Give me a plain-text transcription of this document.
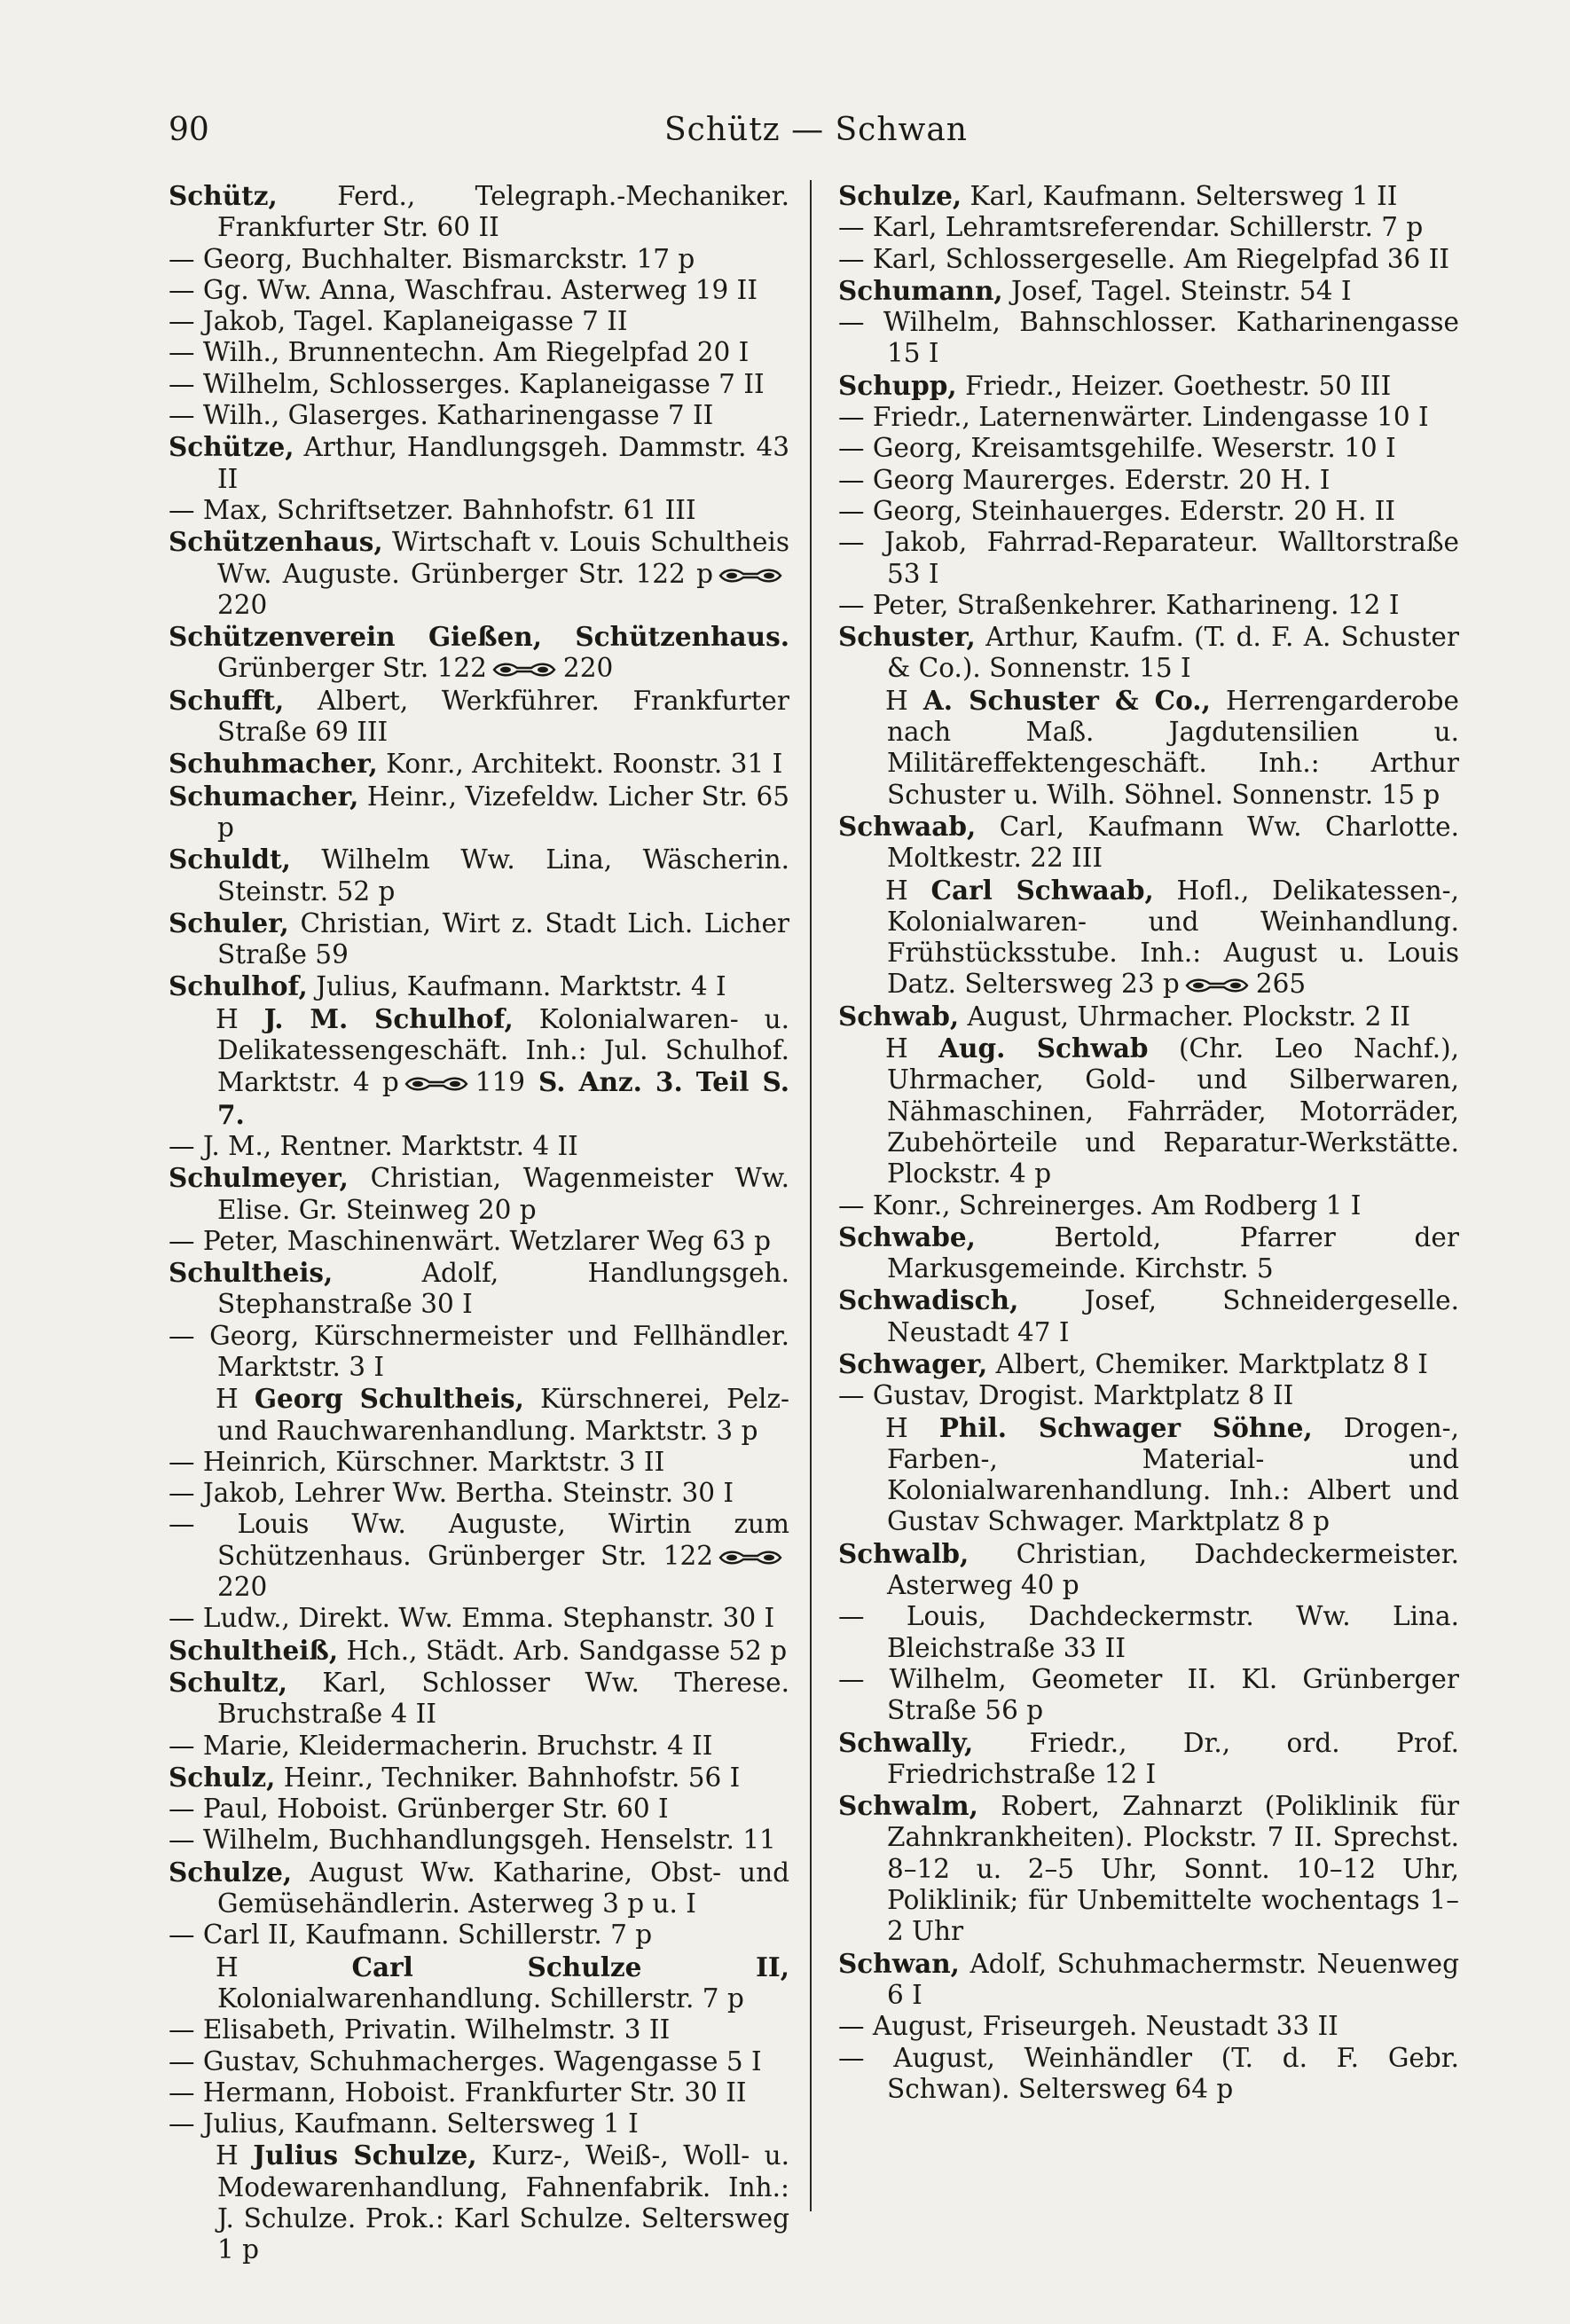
90	Schütz — Schwan

Schütz, Ferd., Telegraph.-Mechaniker. Frankfurter Str. 60 II

— Georg, Buchhalter. Bismarckstr. 17 p

— Gg. Ww. Anna, Waschfrau. Asterweg 19 II

— Jakob, Tagel. Kaplaneigasse 7 II

— Wilh., Brunnentechn. Am Riegelpfad 20 I

— Wilhelm, Schlosserges. Kaplaneigasse 7 II

— Wilh., Glaserges. Katharinengasse 7 II

Schütze, Arthur, Handlungsgeh. Dammstr. 43 II

— Max, Schriftsetzer. Bahnhofstr. 61 III

Schützenhaus, Wirtschaft v. Louis Schultheis Ww. Auguste. Grünberger Str. 122 p220

Schützenverein Gießen, Schützenhaus. Grünberger Str. 122	220

Schufft, Albert, Werkführer. Frankfurter Straße 69 III

Schuhmacher, Konr., Architekt. Roonstr. 31 I

Schumacher, Heinr., Vizefeldw. Licher Str. 65 p

Schuldt, Wilhelm Ww. Lina, Wäscherin. Steinstr. 52 p

Schuler, Christian, Wirt z. Stadt Lich. Licher Straße 59

Schulhof, Julius, Kaufmann. Marktstr. 4 I

H J. M. Schulhof, Kolonialwaren- u. Delikatessengeschäft. Inh.: Jul. Schulhof. Marktstr. 4 p	119 S. Anz. 3. Teil S. 7.

— J. M., Rentner. Marktstr. 4 II

Schulmeyer, Christian, Wagenmeister Ww. Elise. Gr. Steinweg 20 p

— Peter, Maschinenwärt. Wetzlarer Weg 63 p

Schultheis, Adolf, Handlungsgeh. Stephanstraße 30 I

— Georg, Kürschnermeister und Fellhändler. Marktstr. 3 I

H Georg Schultheis, Kürschnerei, Pelz- und Rauchwarenhandlung. Marktstr. 3 p

— Heinrich, Kürschner. Marktstr. 3 II

— Jakob, Lehrer Ww. Bertha. Steinstr. 30 I

— Louis Ww. Auguste, Wirtin zum Schützenhaus. Grünberger Str. 122220

— Ludw., Direkt. Ww. Emma. Stephanstr. 30 I

Schultheiß, Hch., Städt. Arb. Sandgasse 52 p

Schultz, Karl, Schlosser Ww. Therese. Bruchstraße 4 II

— Marie, Kleidermacherin. Bruchstr. 4 II

Schulz, Heinr., Techniker. Bahnhofstr. 56 I

— Paul, Hoboist. Grünberger Str. 60 I

— Wilhelm, Buchhandlungsgeh. Henselstr. 11

Schulze, August Ww. Katharine, Obst- und Gemüsehändlerin. Asterweg 3 p u. I

— Carl II, Kaufmann. Schillerstr. 7 p

H Carl Schulze II, Kolonialwarenhandlung. Schillerstr. 7 p

— Elisabeth, Privatin. Wilhelmstr. 3 II

— Gustav, Schuhmacherges. Wagengasse 5 I

— Hermann, Hoboist. Frankfurter Str. 30 II

— Julius, Kaufmann. Seltersweg 1 I

H Julius Schulze, Kurz-, Weiß-, Woll- u. Modewarenhandlung, Fahnenfabrik. Inh.: J. Schulze. Prok.: Karl Schulze. Seltersweg 1 p

Schulze, Karl, Kaufmann. Seltersweg 1 II

— Karl, Lehramtsreferendar. Schillerstr. 7 p

— Karl, Schlossergeselle. Am Riegelpfad 36 II

Schumann, Josef, Tagel. Steinstr. 54 I

— Wilhelm, Bahnschlosser. Katharinengasse 15 I

Schupp, Friedr., Heizer. Goethestr. 50 III

— Friedr., Laternenwärter. Lindengasse 10 I

— Georg, Kreisamtsgehilfe. Weserstr. 10 I

— Georg Maurerges. Ederstr. 20 H. I

— Georg, Steinhauerges. Ederstr. 20 H. II

— Jakob, Fahrrad-Reparateur. Walltorstraße 53 I

— Peter, Straßenkehrer. Katharineng. 12 I

Schuster, Arthur, Kaufm. (T. d. F. A. Schuster & Co.). Sonnenstr. 15 I

H A. Schuster & Co., Herrengarderobe nach Maß. Jagdutensilien u. Militäreffektengeschäft. Inh.: Arthur Schuster u. Wilh. Söhnel. Sonnenstr. 15 p

Schwaab, Carl, Kaufmann Ww. Charlotte. Moltkestr. 22 III

H Carl Schwaab, Hofl., Delikatessen-, Kolonialwaren- und Weinhandlung. Frühstücksstube. Inh.: August u. Louis Datz. Seltersweg 23 p	265

Schwab, August, Uhrmacher. Plockstr. 2 II

H Aug. Schwab (Chr. Leo Nachf.), Uhrmacher, Gold- und Silberwaren, Nähmaschinen, Fahrräder, Motorräder, Zubehörteile und Reparatur-Werkstätte. Plockstr. 4 p

— Konr., Schreinerges. Am Rodberg 1 I

Schwabe, Bertold, Pfarrer der Markusgemeinde. Kirchstr. 5

Schwadisch, Josef, Schneidergeselle. Neustadt 47 I

Schwager, Albert, Chemiker. Marktplatz 8 I

— Gustav, Drogist. Marktplatz 8 II

H Phil. Schwager Söhne, Drogen-, Farben-, Material- und Kolonialwarenhandlung. Inh.: Albert und Gustav Schwager. Marktplatz 8 p

Schwalb, Christian, Dachdeckermeister. Asterweg 40 p

— Louis, Dachdeckermstr. Ww. Lina. Bleichstraße 33 II

— Wilhelm, Geometer II. Kl. Grünberger Straße 56 p

Schwally, Friedr., Dr., ord. Prof. Friedrichstraße 12 I

Schwalm, Robert, Zahnarzt (Poliklinik für Zahnkrankheiten). Plockstr. 7 II. Sprechst. 8–12 u. 2–5 Uhr, Sonnt. 10–12 Uhr, Poliklinik; für Unbemittelte wochentags 1–2 Uhr

Schwan, Adolf, Schuhmachermstr. Neuenweg 6 I

— August, Friseurgeh. Neustadt 33 II

— August, Weinhändler (T. d. F. Gebr. Schwan). Seltersweg 64 p
